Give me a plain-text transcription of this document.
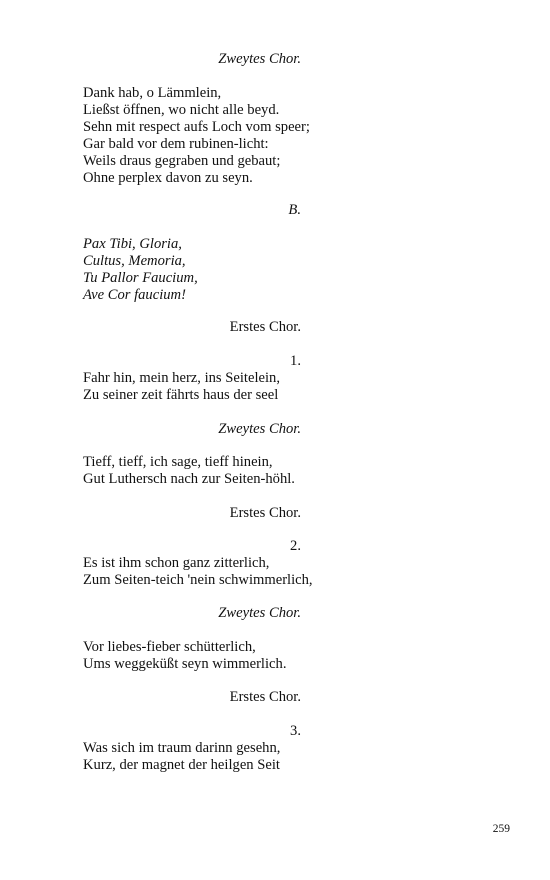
Zweytes Chor.
Dank hab, o Lämmlein,
Ließst öffnen, wo nicht alle beyd.
Sehn mit respect aufs Loch vom speer;
Gar bald vor dem rubinen-licht:
Weils draus gegraben und gebaut;
Ohne perplex davon zu seyn.
B.
Pax Tibi, Gloria,
Cultus, Memoria,
Tu Pallor Faucium,
Ave Cor faucium!
Erstes Chor.
1.
Fahr hin, mein herz, ins Seitelein,
Zu seiner zeit fährts haus der seel
Zweytes Chor.
Tieff, tieff, ich sage, tieff hinein,
Gut Luthersch nach zur Seiten-höhl.
Erstes Chor.
2.
Es ist ihm schon ganz zitterlich,
Zum Seiten-teich 'nein schwimmerlich,
Zweytes Chor.
Vor liebes-fieber schütterlich,
Ums weggeküßt seyn wimmerlich.
Erstes Chor.
3.
Was sich im traum darinn gesehn,
Kurz, der magnet der heilgen Seit
259
